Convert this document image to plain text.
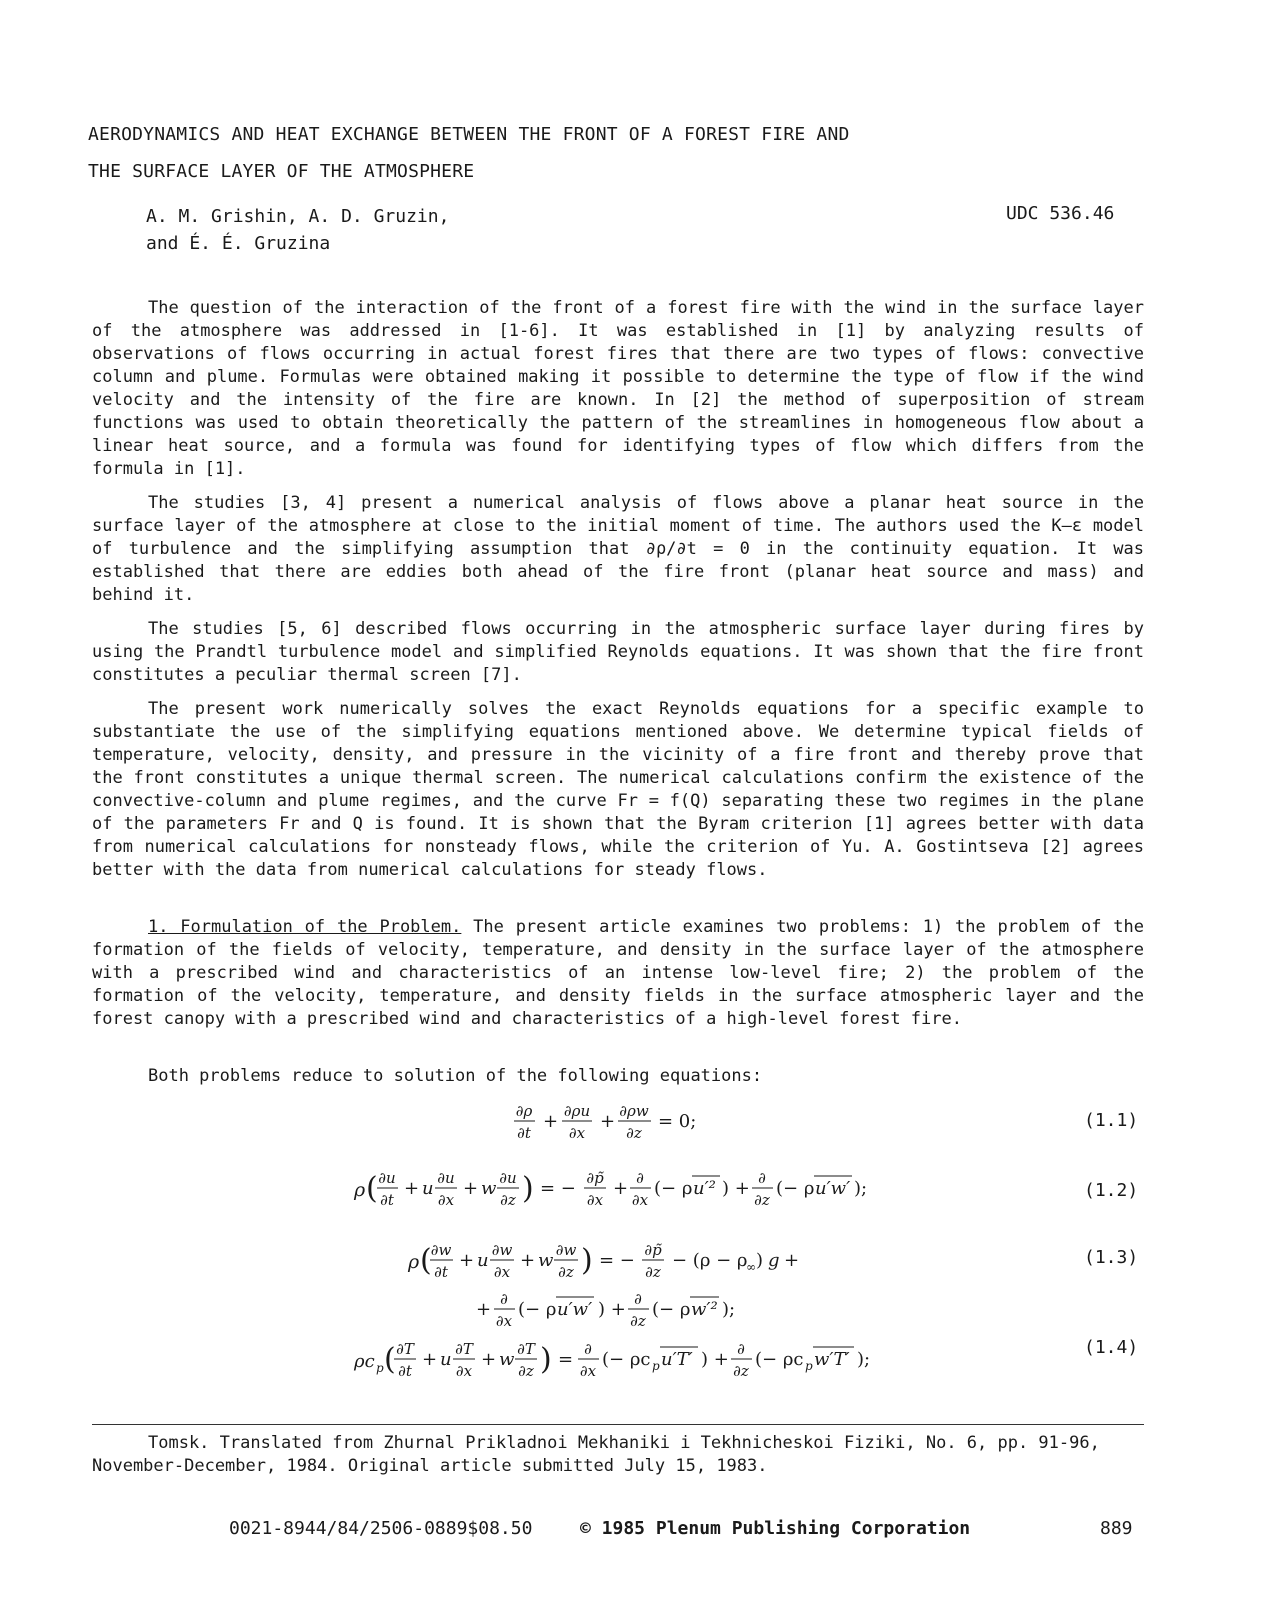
AERODYNAMICS AND HEAT EXCHANGE BETWEEN THE FRONT OF A FOREST FIRE AND
THE SURFACE LAYER OF THE ATMOSPHERE
A. M. Grishin, A. D. Gruzin,
and É. É. Gruzina
UDC 536.46

The question of the interaction of the front of a forest fire with the wind in the surface layer of the atmosphere was addressed in [1-6]. It was established in [1] by analyzing results of observations of flows occurring in actual forest fires that there are two types of flows: convective column and plume. Formulas were obtained making it possible to determine the type of flow if the wind velocity and the intensity of the fire are known. In [2] the method of superposition of stream functions was used to obtain theoretically the pattern of the streamlines in homogeneous flow about a linear heat source, and a formula was found for identifying types of flow which differs from the formula in [1].

The studies [3, 4] present a numerical analysis of flows above a planar heat source in the surface layer of the atmosphere at close to the initial moment of time. The authors used the K–ε model of turbulence and the simplifying assumption that ∂ρ/∂t = 0 in the continuity equation. It was established that there are eddies both ahead of the fire front (planar heat source and mass) and behind it.

The studies [5, 6] described flows occurring in the atmospheric surface layer during fires by using the Prandtl turbulence model and simplified Reynolds equations. It was shown that the fire front constitutes a peculiar thermal screen [7].

The present work numerically solves the exact Reynolds equations for a specific example to substantiate the use of the simplifying equations mentioned above. We determine typical fields of temperature, velocity, density, and pressure in the vicinity of a fire front and thereby prove that the front constitutes a unique thermal screen. The numerical calculations confirm the existence of the convective-column and plume regimes, and the curve Fr = f(Q) separating these two regimes in the plane of the parameters Fr and Q is found. It is shown that the Byram criterion [1] agrees better with data from numerical calculations for nonsteady flows, while the criterion of Yu. A. Gostintseva [2] agrees better with the data from numerical calculations for steady flows.

1. Formulation of the Problem. The present article examines two problems: 1) the problem of the formation of the fields of velocity, temperature, and density in the surface layer of the atmosphere with a prescribed wind and characteristics of an intense low-level fire; 2) the problem of the formation of the velocity, temperature, and density fields in the surface atmospheric layer and the forest canopy with a prescribed wind and characteristics of a high-level forest fire.

Both problems reduce to solution of the following equations:

∂ρ
∂t
+ ∂ρu
∂x
+ ∂ρw
∂z
= 0;	(1.1)
ρ ( ∂u
∂t
+ u ∂u
∂x
+ w ∂u
∂z ) = − ∂p̃
∂x
+ ∂
∂x
(− ρ u′² ) + ∂
∂z
(− ρ u′w′ );	(1.2)
ρ (
∂w
∂t
+ u ∂w
∂x
+ w ∂w
∂z ) = − ∂p̃
∂z
− (ρ − ρ
∞ ) g +
+ ∂
∂x
(− ρ u′w′ ) + ∂
∂z
(− ρ w′² );
(1.3)
ρc p ( ∂T
∂t
+ u ∂T
∂x
+ w ∂T
∂z ) = ∂
∂x
(− ρc p u′T′ ) + ∂
∂z
(− ρc p w′T′ );
(1.4)

Tomsk. Translated from Zhurnal Prikladnoi Mekhaniki i Tekhnicheskoi Fiziki, No. 6, pp. 91-96, November-December, 1984. Original article submitted July 15, 1983.

0021-8944/84/2506-0889$08.50	© 1985 Plenum Publishing Corporation	889
